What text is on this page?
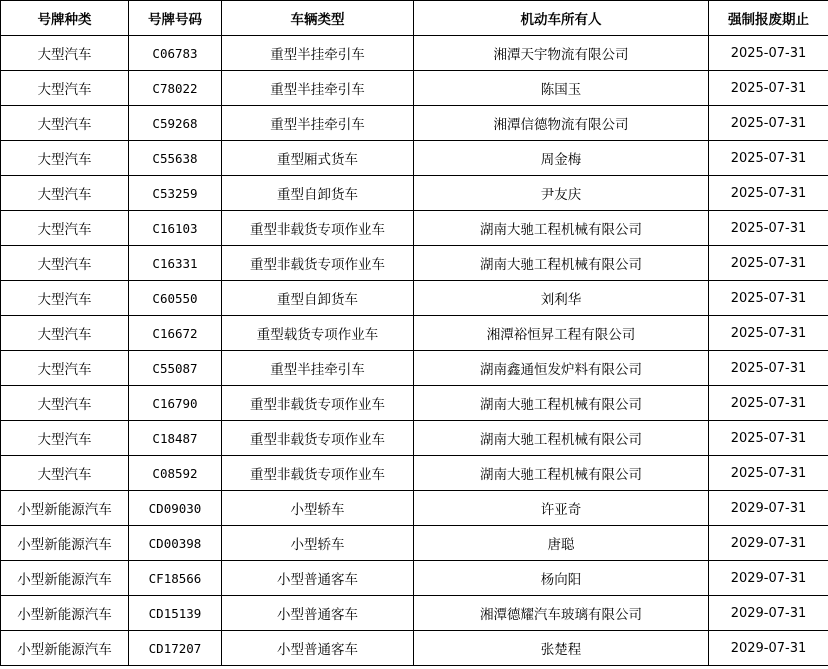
号牌种类	号牌号码	车辆类型	机动车所有人	强制报废期止
大型汽车	C06783	重型半挂牵引车	湘潭天宇物流有限公司	2025-07-31
大型汽车	C78022	重型半挂牵引车	陈国玉	2025-07-31
大型汽车	C59268	重型半挂牵引车	湘潭信德物流有限公司	2025-07-31
大型汽车	C55638	重型厢式货车	周金梅	2025-07-31
大型汽车	C53259	重型自卸货车	尹友庆	2025-07-31
大型汽车	C16103	重型非载货专项作业车	湖南大驰工程机械有限公司	2025-07-31
大型汽车	C16331	重型非载货专项作业车	湖南大驰工程机械有限公司	2025-07-31
大型汽车	C60550	重型自卸货车	刘利华	2025-07-31
大型汽车	C16672	重型载货专项作业车	湘潭裕恒昇工程有限公司	2025-07-31
大型汽车	C55087	重型半挂牵引车	湖南鑫通恒发炉料有限公司	2025-07-31
大型汽车	C16790	重型非载货专项作业车	湖南大驰工程机械有限公司	2025-07-31
大型汽车	C18487	重型非载货专项作业车	湖南大驰工程机械有限公司	2025-07-31
大型汽车	C08592	重型非载货专项作业车	湖南大驰工程机械有限公司	2025-07-31
小型新能源汽车	CD09030	小型轿车	许亚奇	2029-07-31
小型新能源汽车	CD00398	小型轿车	唐聪	2029-07-31
小型新能源汽车	CF18566	小型普通客车	杨向阳	2029-07-31
小型新能源汽车	CD15139	小型普通客车	湘潭德耀汽车玻璃有限公司	2029-07-31
小型新能源汽车	CD17207	小型普通客车	张楚程	2029-07-31
